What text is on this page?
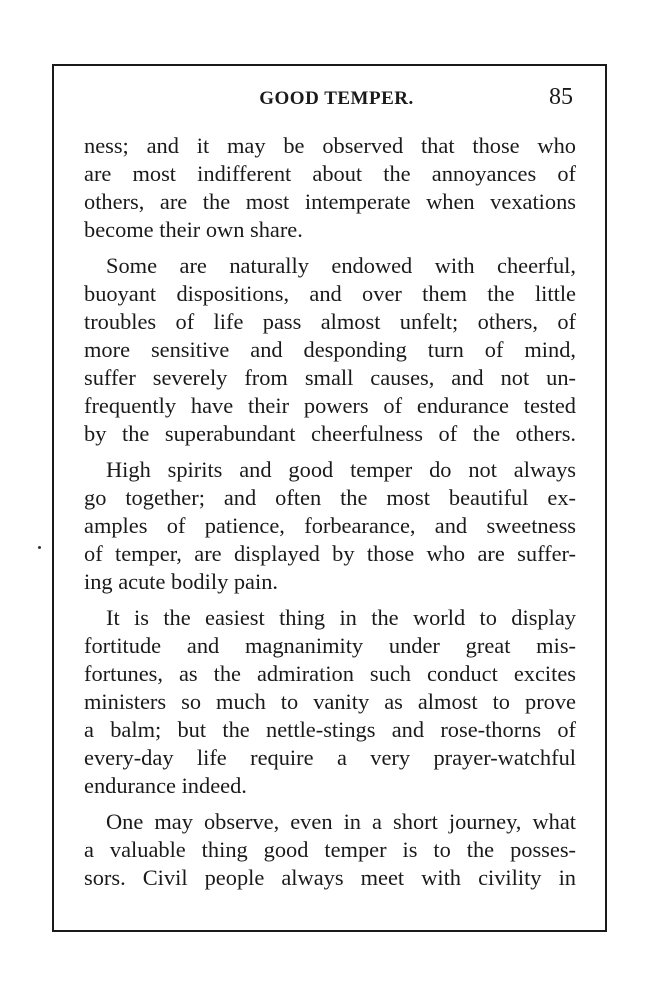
GOOD TEMPER.	85
ness; and it may be observed that those who
are most indifferent about the annoyances of
others, are the most intemperate when vexations
become their own share.
Some are naturally endowed with cheerful,
buoyant dispositions, and over them the little
troubles of life pass almost unfelt; others, of
more sensitive and desponding turn of mind,
suffer severely from small causes, and not un-
frequently have their powers of endurance tested
by the superabundant cheerfulness of the others.
High spirits and good temper do not always
go together; and often the most beautiful ex-
amples of patience, forbearance, and sweetness
of temper, are displayed by those who are suffer-
ing acute bodily pain.
It is the easiest thing in the world to display
fortitude and magnanimity under great mis-
fortunes, as the admiration such conduct excites
ministers so much to vanity as almost to prove
a balm; but the nettle-stings and rose-thorns of
every-day life require a very prayer-watchful
endurance indeed.
One may observe, even in a short journey, what
a valuable thing good temper is to the posses-
sors. Civil people always meet with civility in
